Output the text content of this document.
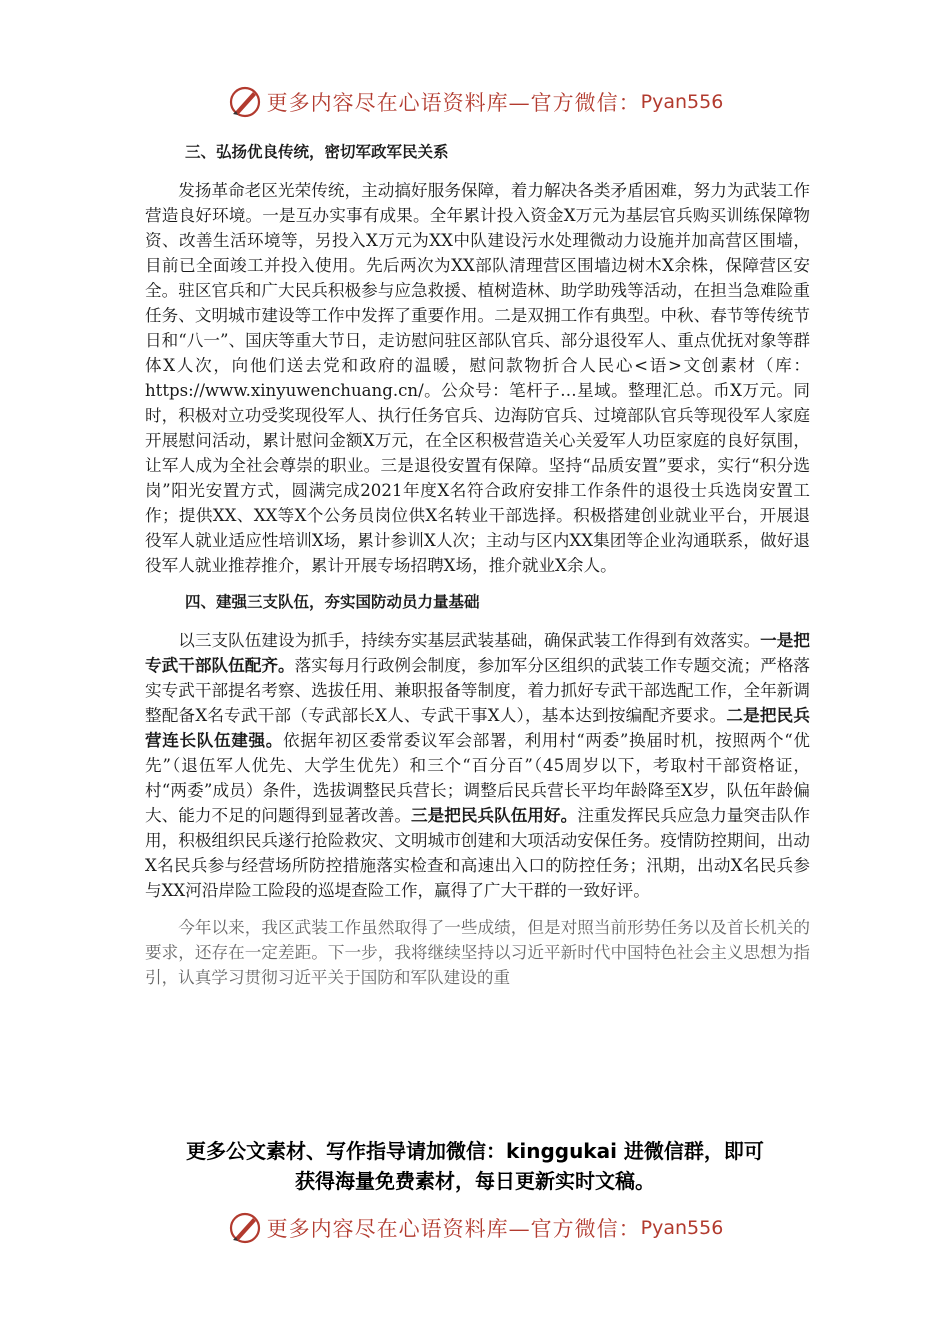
更多内容尽在心语资料库—官方微信： Pyan556
三、弘扬优良传统，密切军政军民关系

发扬革命老区光荣传统，主动搞好服务保障，着力解决各类矛盾困难，努力为武装工作营造良好环境。一是互办实事有成果。全年累计投入资金X万元为基层官兵购买训练保障物资、改善生活环境等，另投入X万元为XX中队建设污水处理微动力设施并加高营区围墙，目前已全面竣工并投入使用。先后两次为XX部队清理营区围墙边树木X余株，保障营区安全。驻区官兵和广大民兵积极参与应急救援、植树造林、助学助残等活动，在担当急难险重任务、文明城市建设等工作中发挥了重要作用。二是双拥工作有典型。中秋、春节等传统节日和“八一”、国庆等重大节日，走访慰问驻区部队官兵、部分退役军人、重点优抚对象等群体X人次，向他们送去党和政府的温暖，慰问款物折合人民心<语>文创素材（库：https://www.xinyuwenchuang.cn/。公众号：笔杆子…星域。整理汇总。币X万元。同时，积极对立功受奖现役军人、执行任务官兵、边海防官兵、过境部队官兵等现役军人家庭开展慰问活动，累计慰问金额X万元，在全区积极营造关心关爱军人功臣家庭的良好氛围，让军人成为全社会尊崇的职业。三是退役安置有保障。坚持“品质安置”要求，实行“积分选岗”阳光安置方式，圆满完成2021年度X名符合政府安排工作条件的退役士兵选岗安置工作；提供XX、XX等X个公务员岗位供X名转业干部选择。积极搭建创业就业平台，开展退役军人就业适应性培训X场，累计参训X人次；主动与区内XX集团等企业沟通联系，做好退役军人就业推荐推介，累计开展专场招聘X场，推介就业X余人。

四、建强三支队伍，夯实国防动员力量基础

以三支队伍建设为抓手，持续夯实基层武装基础，确保武装工作得到有效落实。一是把专武干部队伍配齐。落实每月行政例会制度，参加军分区组织的武装工作专题交流；严格落实专武干部提名考察、选拔任用、兼职报备等制度，着力抓好专武干部选配工作，全年新调整配备X名专武干部（专武部长X人、专武干事X人），基本达到按编配齐要求。二是把民兵营连长队伍建强。依据年初区委常委议军会部署，利用村“两委”换届时机，按照两个“优先”（退伍军人优先、大学生优先）和三个“百分百”（45周岁以下，考取村干部资格证，村“两委”成员）条件，选拔调整民兵营长；调整后民兵营长平均年龄降至X岁，队伍年龄偏大、能力不足的问题得到显著改善。三是把民兵队伍用好。注重发挥民兵应急力量突击队作用，积极组织民兵遂行抢险救灾、文明城市创建和大项活动安保任务。疫情防控期间，出动X名民兵参与经营场所防控措施落实检查和高速出入口的防控任务；汛期，出动X名民兵参与XX河沿岸险工险段的巡堤查险工作，赢得了广大干群的一致好评。

今年以来，我区武装工作虽然取得了一些成绩，但是对照当前形势任务以及首长机关的要求，还存在一定差距。下一步，我将继续坚持以习近平新时代中国特色社会主义思想为指引，认真学习贯彻习近平关于国防和军队建设的重

更多公文素材、写作指导请加微信：kinggukai 进微信群，即可
获得海量免费素材，每日更新实时文稿。
更多内容尽在心语资料库—官方微信： Pyan556
